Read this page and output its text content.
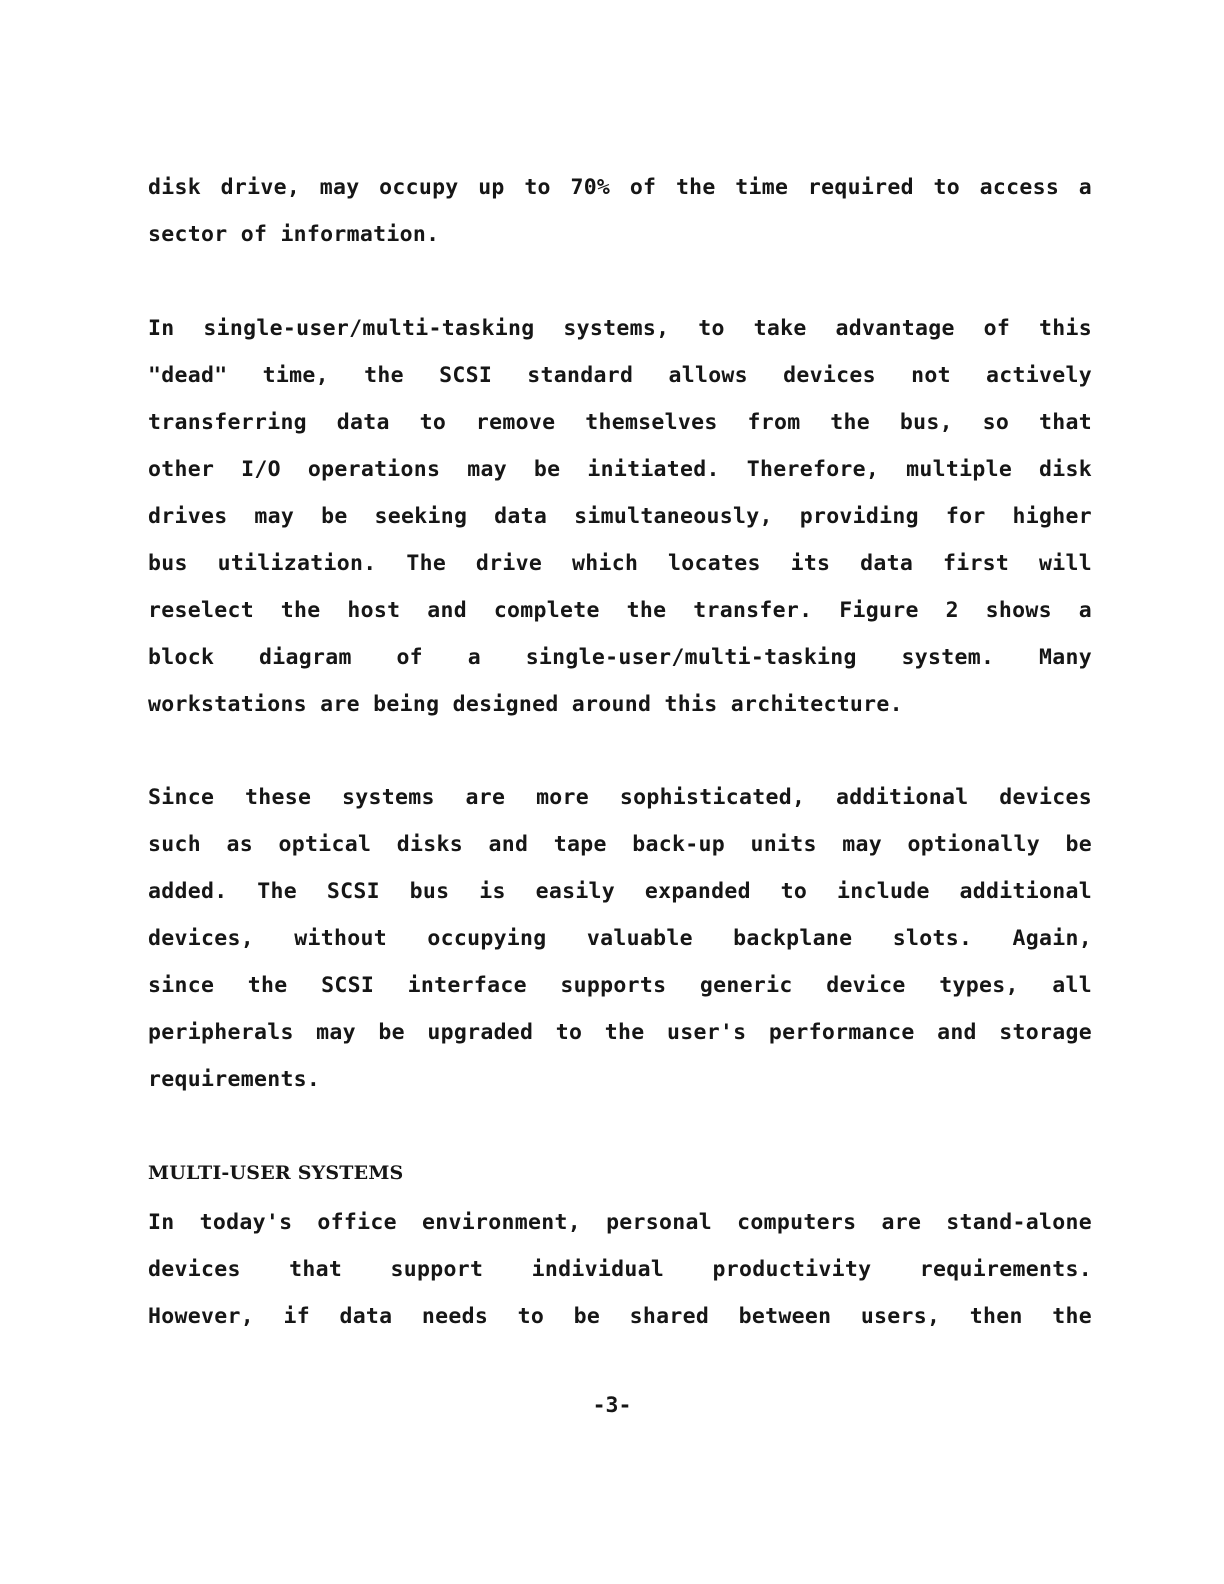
disk drive, may occupy up to 70% of the time required to access a
sector of information.
In single-user/multi-tasking systems, to take advantage of this
"dead" time, the SCSI standard allows devices not actively
transferring data to remove themselves from the bus, so that
other I/O operations may be initiated. Therefore, multiple disk
drives may be seeking data simultaneously, providing for higher
bus utilization. The drive which locates its data first will
reselect the host and complete the transfer. Figure 2 shows a
block diagram of a single-user/multi-tasking system. Many
workstations are being designed around this architecture.
Since these systems are more sophisticated, additional devices
such as optical disks and tape back-up units may optionally be
added. The SCSI bus is easily expanded to include additional
devices, without occupying valuable backplane slots. Again,
since the SCSI interface supports generic device types, all
peripherals may be upgraded to the user's performance and storage
requirements.
MULTI-USER SYSTEMS
In today's office environment, personal computers are stand-alone
devices that support individual productivity requirements.
However, if data needs to be shared between users, then the
-3-
